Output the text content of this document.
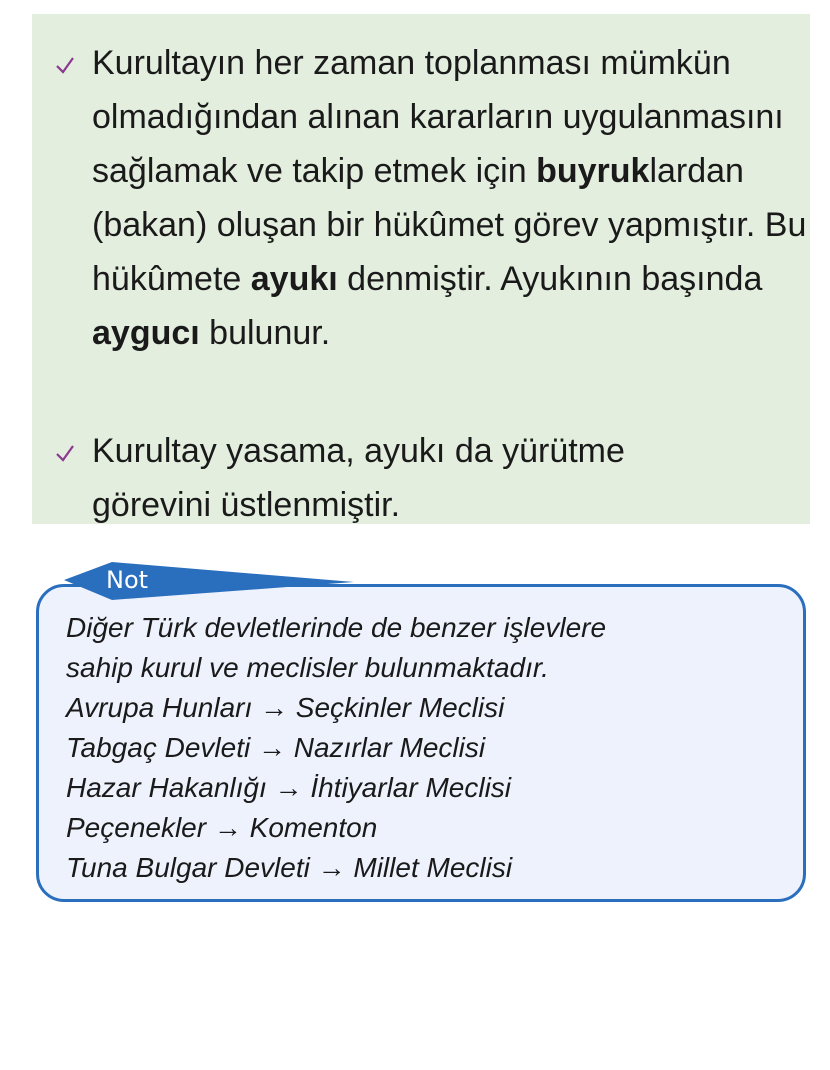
Kurultayın her zaman toplanması mümkün olmadığından alınan kararların uygulanmasını sağlamak ve takip etmek için buyruklardan (bakan) oluşan bir hükûmet görev yapmıştır. Bu hükûmete ayukı denmiştir. Ayukının başında aygucı bulunur.
Kurultay yasama, ayukı da yürütme görevini üstlenmiştir.
Not
Diğer Türk devletlerinde de benzer işlevlere
sahip kurul ve meclisler bulunmaktadır.
Avrupa Hunları → Seçkinler Meclisi
Tabgaç Devleti → Nazırlar Meclisi
Hazar Hakanlığı → İhtiyarlar Meclisi
Peçenekler → Komenton
Tuna Bulgar Devleti → Millet Meclisi
